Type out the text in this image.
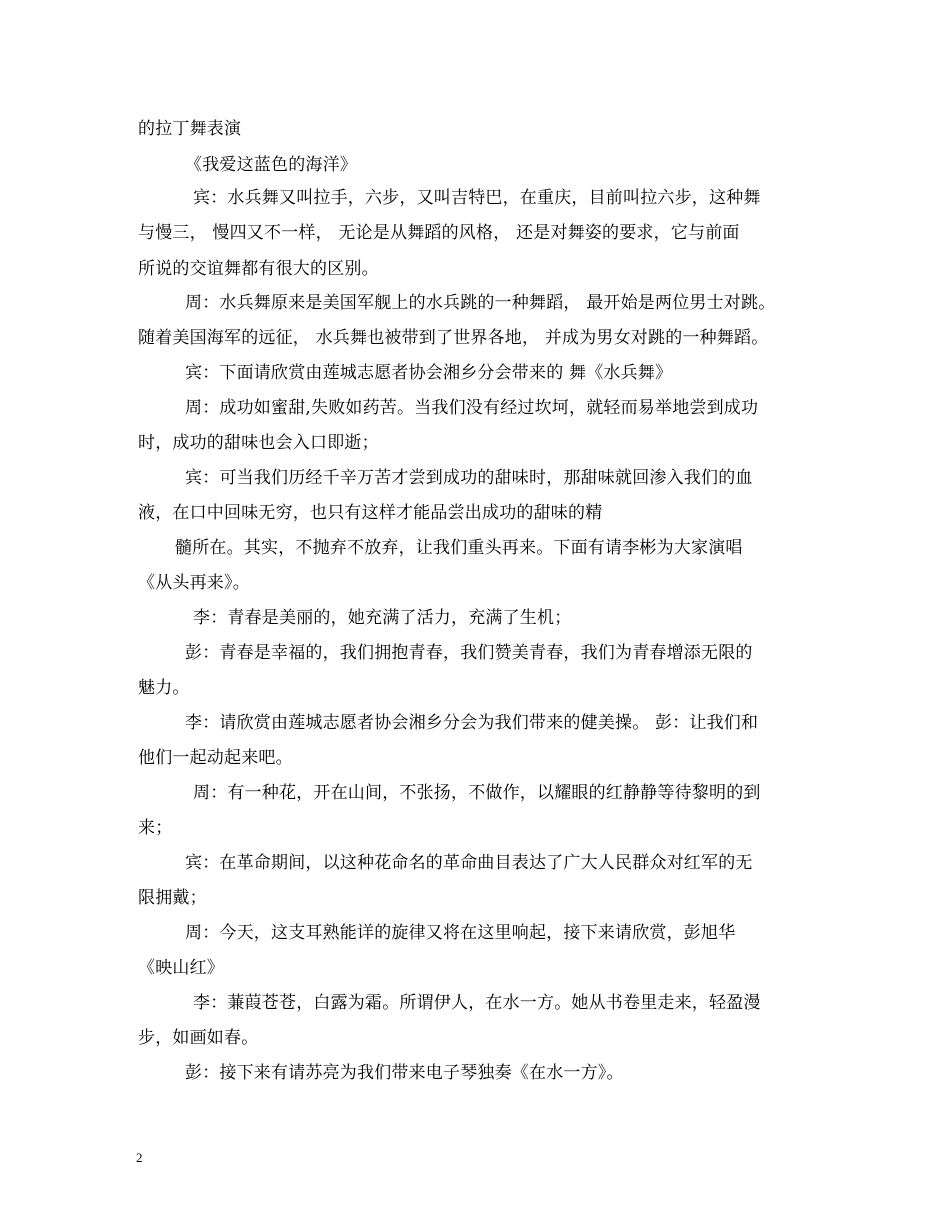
的拉丁舞表演
《我爱这蓝色的海洋》
宾：水兵舞又叫拉手，六步，又叫吉特巴，在重庆，目前叫拉六步，这种舞
与慢三， 慢四又不一样， 无论是从舞蹈的风格， 还是对舞姿的要求，它与前面
所说的交谊舞都有很大的区别。
周：水兵舞原来是美国军舰上的水兵跳的一种舞蹈， 最开始是两位男士对跳。
随着美国海军的远征， 水兵舞也被带到了世界各地， 并成为男女对跳的一种舞蹈。
宾：下面请欣赏由莲城志愿者协会湘乡分会带来的 舞《水兵舞》
周：成功如蜜甜,失败如药苦。当我们没有经过坎坷，就轻而易举地尝到成功
时，成功的甜味也会入口即逝；
宾：可当我们历经千辛万苦才尝到成功的甜味时，那甜味就回渗入我们的血
液，在口中回味无穷，也只有这样才能品尝出成功的甜味的精
髓所在。其实，不抛弃不放弃，让我们重头再来。下面有请李彬为大家演唱
《从头再来》。
李：青春是美丽的，她充满了活力，充满了生机；
彭：青春是幸福的，我们拥抱青春，我们赞美青春，我们为青春增添无限的
魅力。
李：请欣赏由莲城志愿者协会湘乡分会为我们带来的健美操。 彭：让我们和
他们一起动起来吧。
周：有一种花，开在山间，不张扬，不做作，以耀眼的红静静等待黎明的到
来；
宾：在革命期间，以这种花命名的革命曲目表达了广大人民群众对红军的无
限拥戴；
周：今天，这支耳熟能详的旋律又将在这里响起，接下来请欣赏，彭旭华
《映山红》
李：蒹葭苍苍，白露为霜。所谓伊人，在水一方。她从书卷里走来，轻盈漫
步，如画如春。
彭：接下来有请苏亮为我们带来电子琴独奏《在水一方》。
2
